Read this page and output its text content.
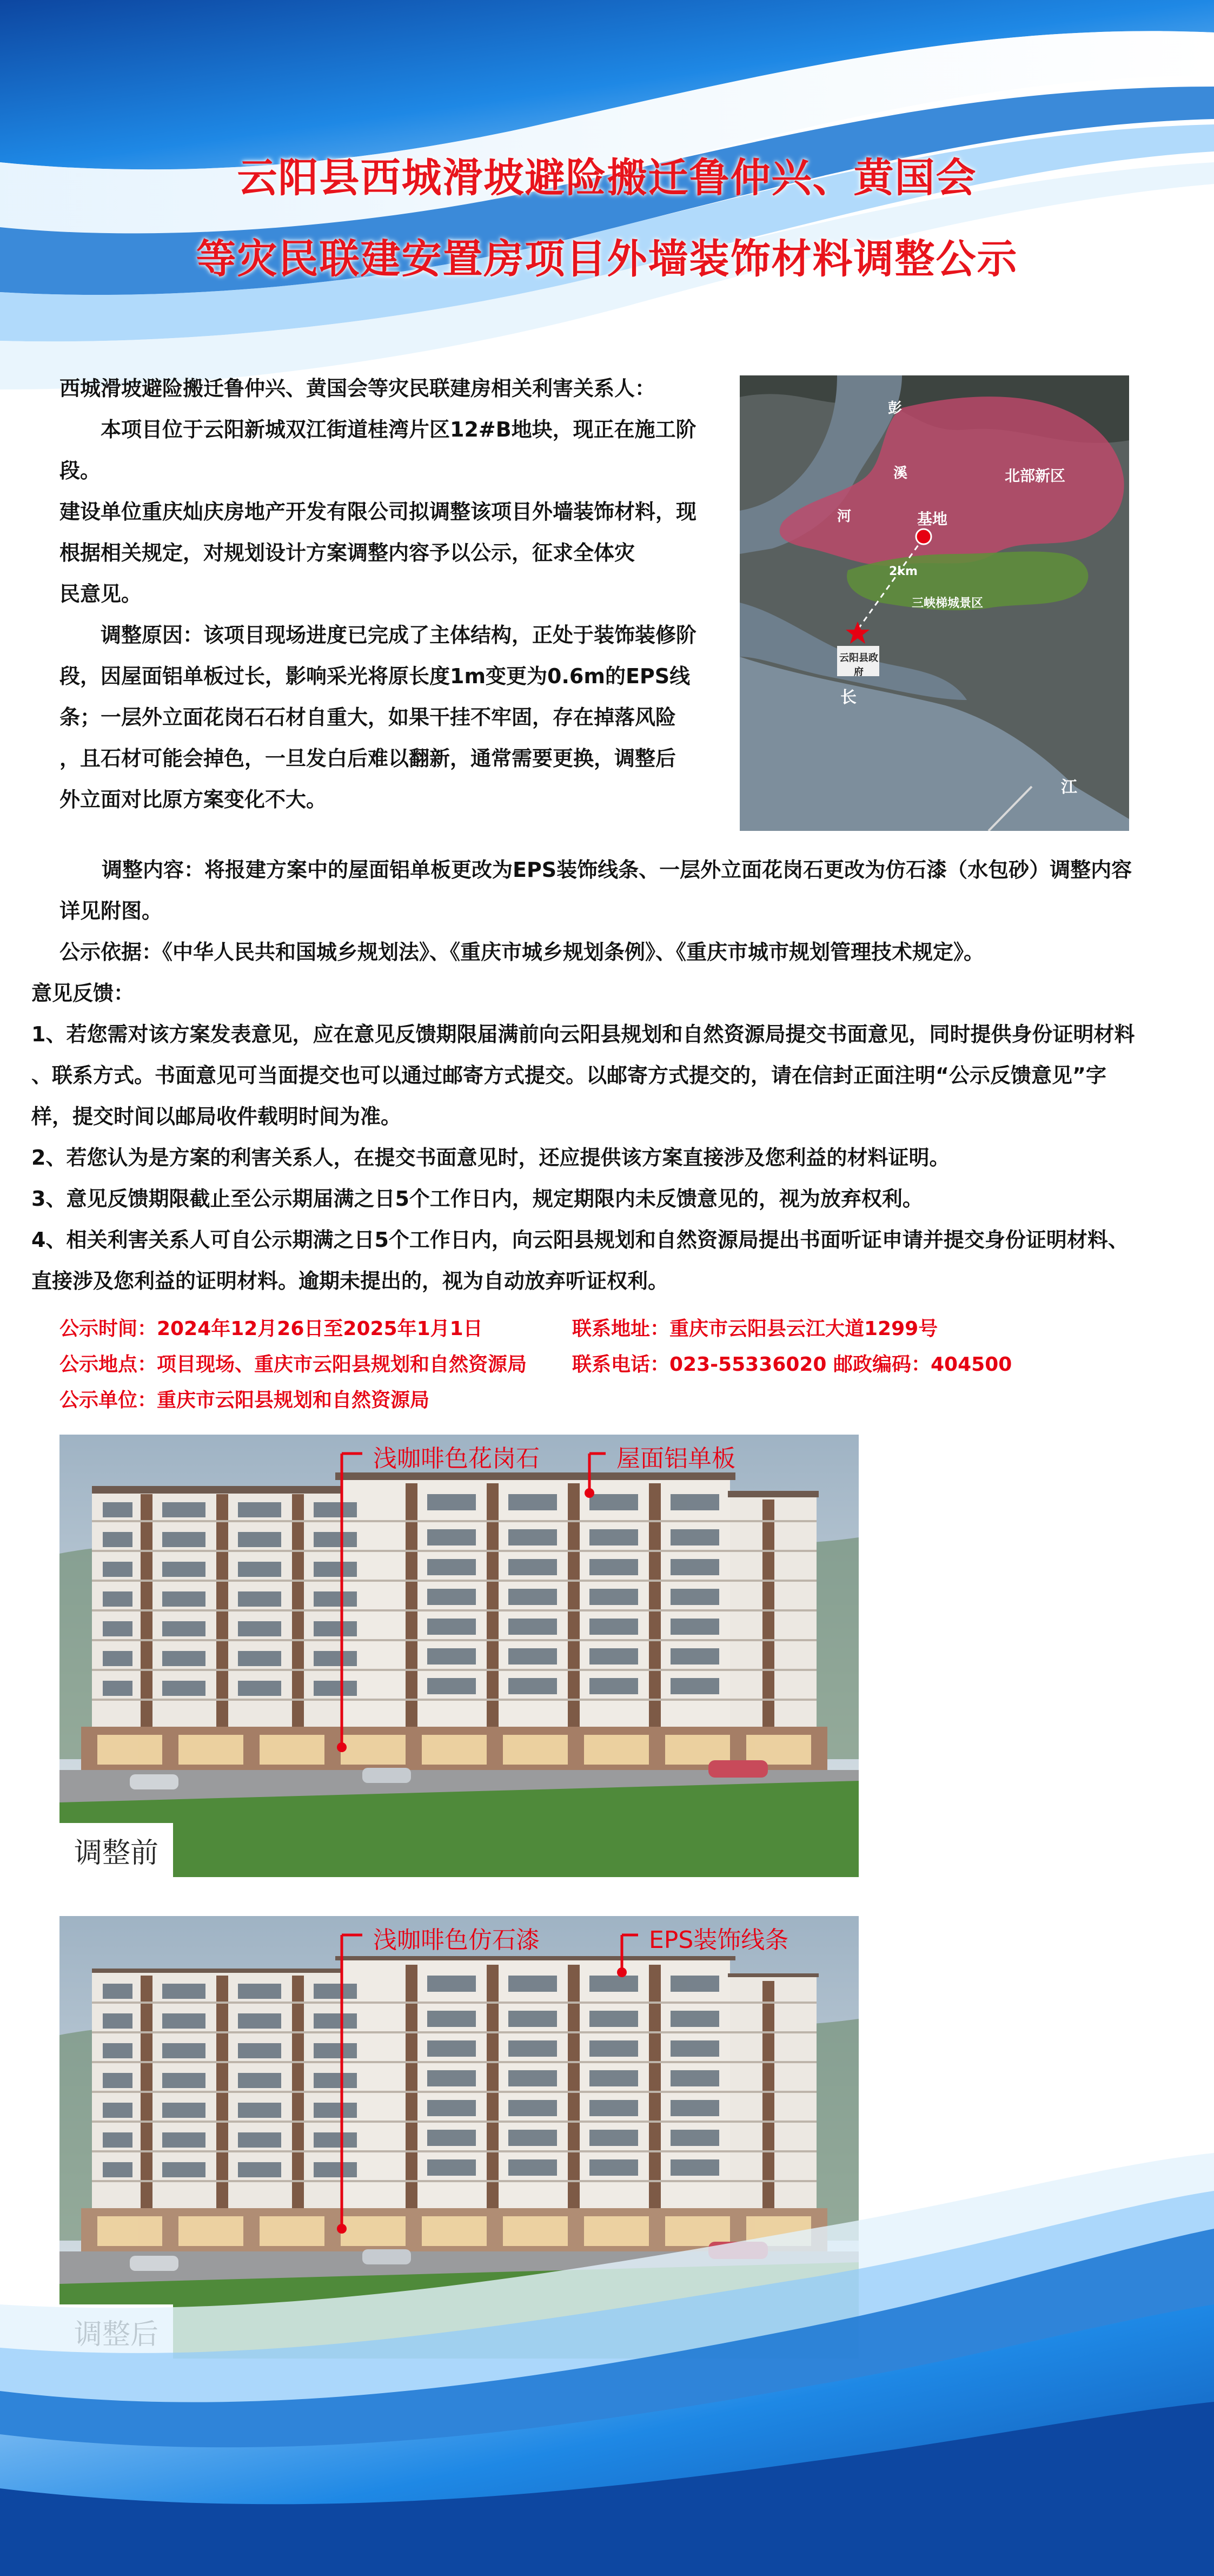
云阳县西城滑坡避险搬迁鲁仲兴、黄国会
等灾民联建安置房项目外墙装饰材料调整公示

西城滑坡避险搬迁鲁仲兴、黄国会等灾民联建房相关利害关系人：

本项目位于云阳新城双江街道桂湾片区12#B地块，现正在施工阶段。

建设单位重庆灿庆房地产开发有限公司拟调整该项目外墙装饰材料，现

根据相关规定，对规划设计方案调整内容予以公示，征求全体灾

民意见。

调整原因：该项目现场进度已完成了主体结构，正处于装饰装修阶

段，因屋面铝单板过长，影响采光将原长度1m变更为0.6m的EPS线

条；一层外立面花岗石石材自重大，如果干挂不牢固，存在掉落风险

，且石材可能会掉色，一旦发白后难以翻新，通常需要更换，调整后

外立面对比原方案变化不大。

彭
溪
河
北部新区
基地
2km
三峡梯城景区
云阳县政府
长
江

调整内容：将报建方案中的屋面铝单板更改为EPS装饰线条、一层外立面花岗石更改为仿石漆（水包砂）调整内容

详见附图。

公示依据：《中华人民共和国城乡规划法》、《重庆市城乡规划条例》、《重庆市城市规划管理技术规定》。

意见反馈：

1、若您需对该方案发表意见，应在意见反馈期限届满前向云阳县规划和自然资源局提交书面意见，同时提供身份证明材料

、联系方式。书面意见可当面提交也可以通过邮寄方式提交。以邮寄方式提交的，请在信封正面注明“公示反馈意见”字

样，提交时间以邮局收件载明时间为准。

2、若您认为是方案的利害关系人，在提交书面意见时，还应提供该方案直接涉及您利益的材料证明。

3、意见反馈期限截止至公示期届满之日5个工作日内，规定期限内未反馈意见的，视为放弃权利。

4、相关利害关系人可自公示期满之日5个工作日内，向云阳县规划和自然资源局提出书面听证申请并提交身份证明材料、

直接涉及您利益的证明材料。逾期未提出的，视为自动放弃听证权利。

公示时间：2024年12月26日至2025年1月1日
公示地点：项目现场、重庆市云阳县规划和自然资源局
公示单位：重庆市云阳县规划和自然资源局
联系地址：重庆市云阳县云江大道1299号
联系电话：023-55336020 邮政编码：404500
浅咖啡色花岗石	屋面铝单板
调整前
浅咖啡色仿石漆	EPS装饰线条
